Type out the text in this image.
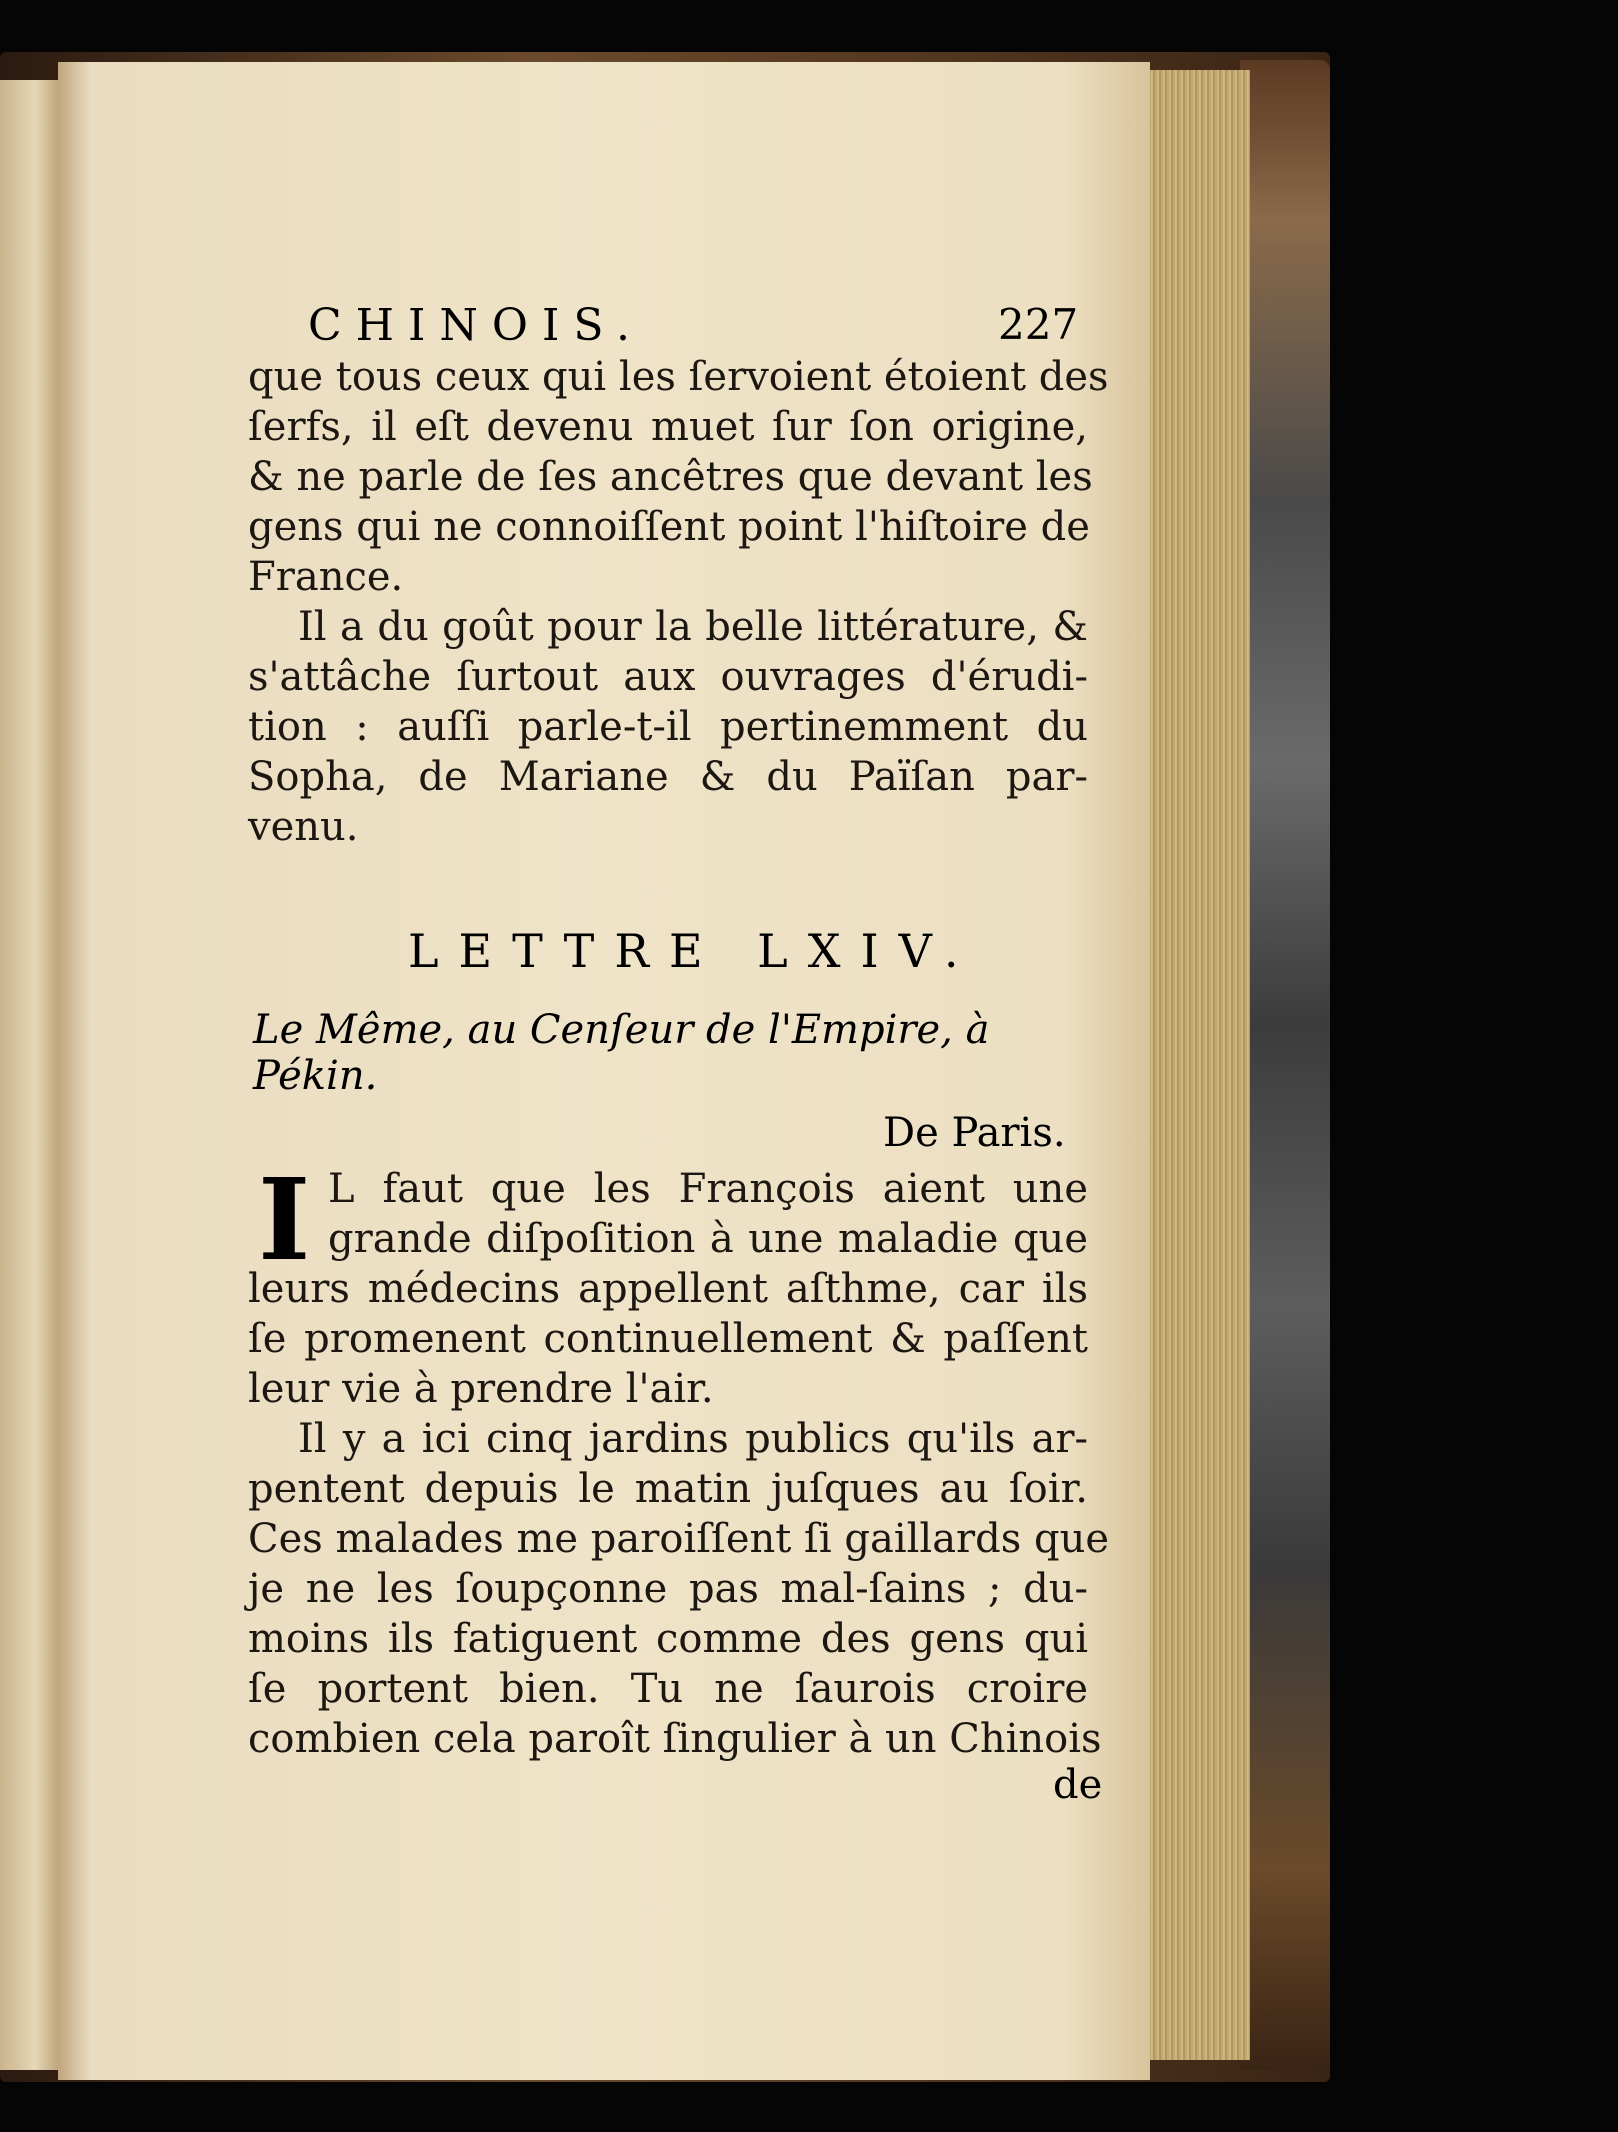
CHINOIS.	227
que tous ceux qui les ſervoient étoient des
ſerfs, il eſt devenu muet ſur ſon origine,
& ne parle de ſes ancêtres que devant les
gens qui ne connoiſſent point l'hiſtoire de
France.
Il a du goût pour la belle littérature, &
s'attâche ſurtout aux ouvrages d'érudi-
tion : auſſi parle-t-il pertinemment du
Sopha, de Mariane & du Païſan par-
venu.
L faut que les François aient une
grande diſpoſition à une maladie que
leurs médecins appellent aſthme, car ils
ſe promenent continuellement & paſſent
leur vie à prendre l'air.
Il y a ici cinq jardins publics qu'ils ar-
pentent depuis le matin juſques au ſoir.
Ces malades me paroiſſent ſi gaillards que
je ne les ſoupçonne pas mal-ſains ; du-
moins ils fatiguent comme des gens qui
ſe portent bien. Tu ne ſaurois croire
combien cela paroît ſingulier à un Chinois
LETTRE LXIV.
Le Même, au Cenſeur de l'Empire, à Pékin.
De Paris.
I
de
